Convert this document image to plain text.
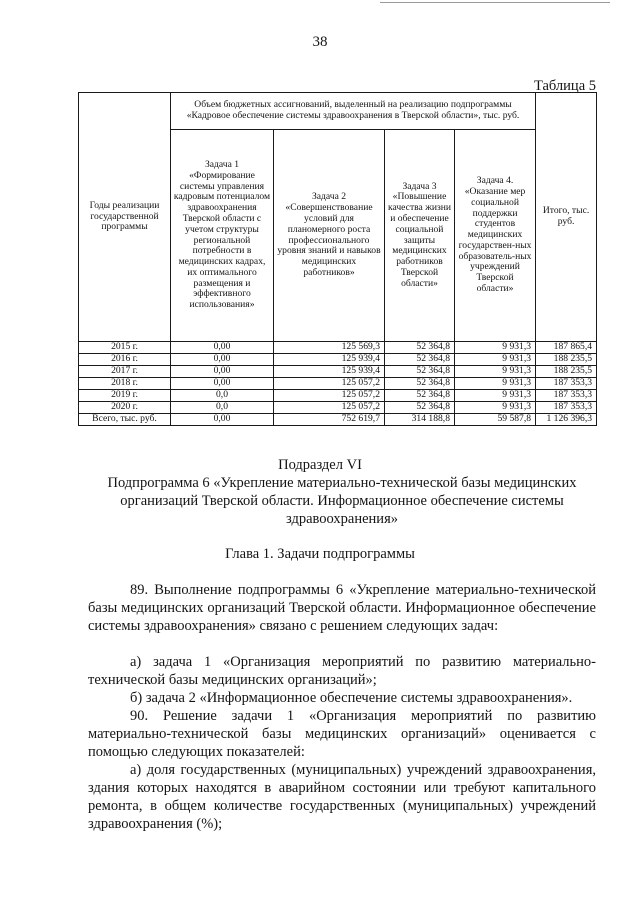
38
Таблица 5
Годы реализации государственной программы	Объем бюджетных ассигнований, выделенный на реализацию подпрограммы «Кадровое обеспечение системы здравоохранения в Тверской области», тыс. руб.				Итого, тыс. руб.
	Задача 1 «Формирование системы управления кадровым потенциалом здравоохранения Тверской области с учетом структуры региональной потребности в медицинских кадрах, их оптимального размещения и эффективного использования»	Задача 2 «Совершенствование условий для планомерного роста профессионального уровня знаний и навыков медицинских работников»	Задача 3 «Повышение качества жизни и обеспечение социальной защиты медицинских работников Тверской области»	Задача 4. «Оказание мер социальной поддержки студентов медицинских государствен-ных образователь-ных учреждений Тверской области»	
2015 г.	0,00	125 569,3	52 364,8	9 931,3	187 865,4
2016 г.	0,00	125 939,4	52 364,8	9 931,3	188 235,5
2017 г.	0,00	125 939,4	52 364,8	9 931,3	188 235,5
2018 г.	0,00	125 057,2	52 364,8	9 931,3	187 353,3
2019 г.	0,0	125 057,2	52 364,8	9 931,3	187 353,3
2020 г.	0,0	125 057,2	52 364,8	9 931,3	187 353,3
Всего, тыс. руб.	0,00	752 619,7	314 188,8	59 587,8	1 126 396,3
Подраздел VI
Подпрограмма 6 «Укрепление материально-технической базы медицинских организаций Тверской области. Информационное обеспечение системы здравоохранения»
Глава 1. Задачи подпрограммы
89. Выполнение подпрограммы 6 «Укрепление материально-технической базы медицинских организаций Тверской области. Информационное обеспечение системы здравоохранения» связано с решением следующих задач:
а) задача 1 «Организация мероприятий по развитию материально-технической базы медицинских организаций»;
б) задача 2 «Информационное обеспечение системы здравоохранения».
90. Решение задачи 1 «Организация мероприятий по развитию материально-технической базы медицинских организаций» оценивается с помощью следующих показателей:
а) доля государственных (муниципальных) учреждений здравоохранения, здания которых находятся в аварийном состоянии или требуют капитального ремонта, в общем количестве государственных (муниципальных) учреждений здравоохранения (%);
